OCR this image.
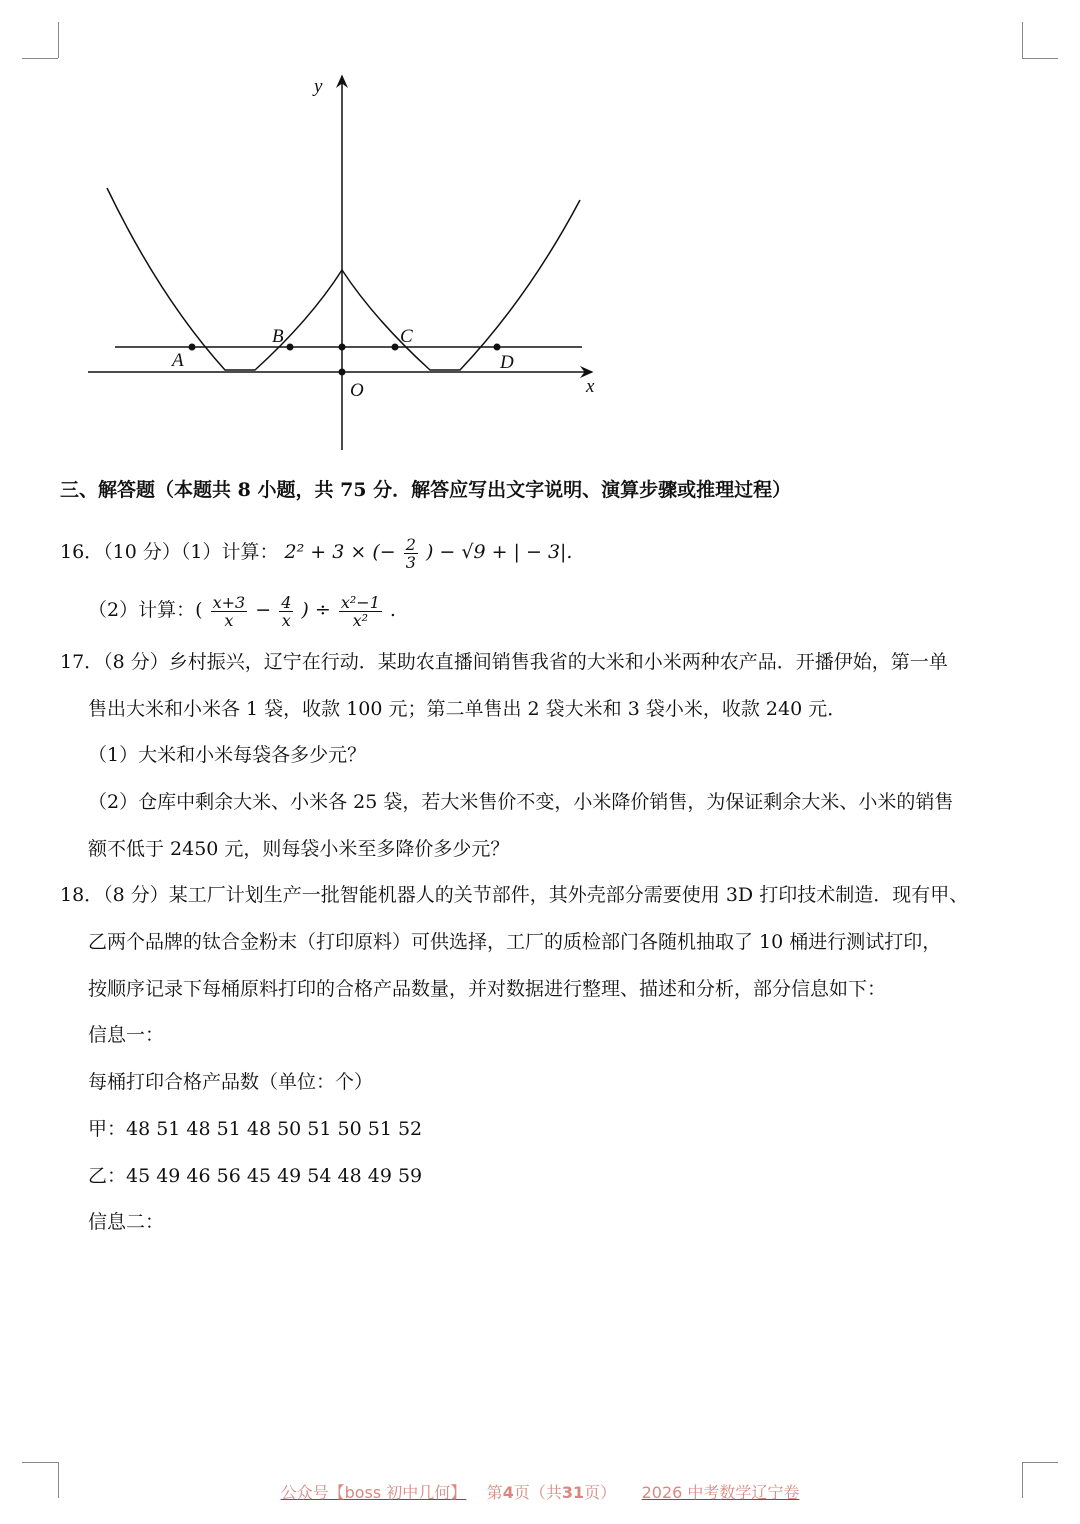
y
x
O
A
B	C
D
三、解答题（本题共 8 小题，共 75 分．解答应写出文字说明、演算步骤或推理过程）
16．（10 分）（1）计算： 2² + 3 × (− $\frac{2}{3}$ ) − √9 + | − 3|.
（2）计算：( $\frac{x+3}{x} - \frac{4}{x}$ ) ÷ $\frac{\text{x²−1}}{\text{x²}}$ .
17．（8 分）乡村振兴，辽宁在行动．某助农直播间销售我省的大米和小米两种农产品．开播伊始，第一单
售出大米和小米各 1 袋，收款 100 元；第二单售出 2 袋大米和 3 袋小米，收款 240 元．
（1）大米和小米每袋各多少元？
（2）仓库中剩余大米、小米各 25 袋，若大米售价不变，小米降价销售，为保证剩余大米、小米的销售
额不低于 2450 元，则每袋小米至多降价多少元？
18．（8 分）某工厂计划生产一批智能机器人的关节部件，其外壳部分需要使用 3D 打印技术制造．现有甲、
乙两个品牌的钛合金粉末（打印原料）可供选择，工厂的质检部门各随机抽取了 10 桶进行测试打印，
按顺序记录下每桶原料打印的合格产品数量，并对数据进行整理、描述和分析，部分信息如下：
信息一：
每桶打印合格产品数（单位：个）
甲：48 51 48 51 48 50 51 50 51 52
乙：45 49 46 56 45 49 54 48 49 59
信息二：
公众号【boss 初中几何】 第4页（共31页） 2026 中考数学辽宁卷
